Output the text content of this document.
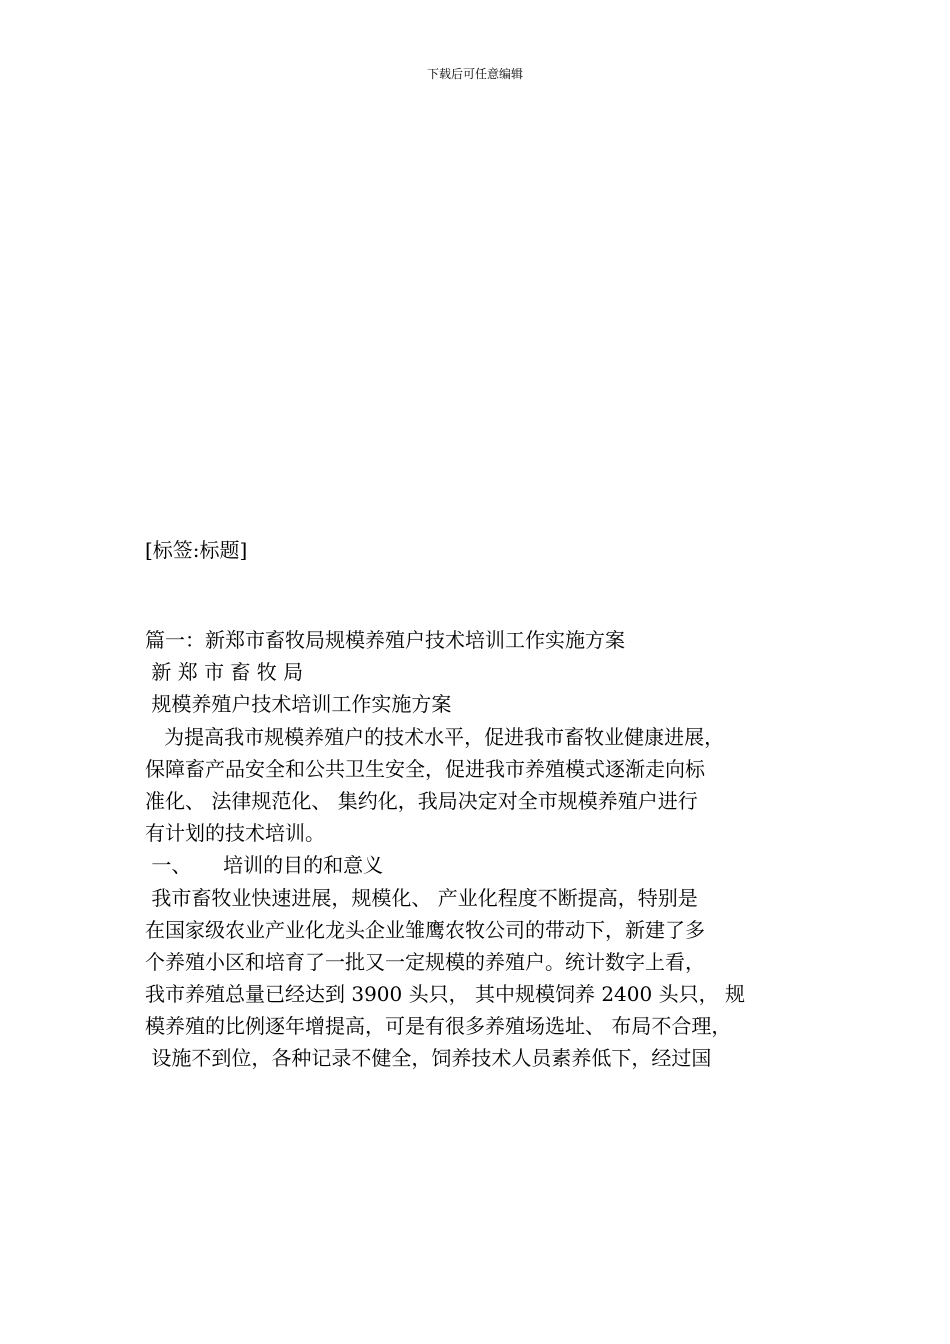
下载后可任意编辑
[标签:标题]
篇一：新郑市畜牧局规模养殖户技术培训工作实施方案
新 郑 市 畜 牧 局
规模养殖户技术培训工作实施方案
为提高我市规模养殖户的技术水平，促进我市畜牧业健康进展，
保障畜产品安全和公共卫生安全，促进我市养殖模式逐渐走向标
准化、 法律规范化、 集约化，我局决定对全市规模养殖户进行
有计划的技术培训。
一、     培训的目的和意义
我市畜牧业快速进展，规模化、 产业化程度不断提高，特别是
在国家级农业产业化龙头企业雏鹰农牧公司的带动下，新建了多
个养殖小区和培育了一批又一定规模的养殖户。统计数字上看，
我市养殖总量已经达到 3900 头只， 其中规模饲养 2400 头只， 规
模养殖的比例逐年增提高，可是有很多养殖场选址、 布局不合理，
设施不到位，各种记录不健全，饲养技术人员素养低下，经过国
